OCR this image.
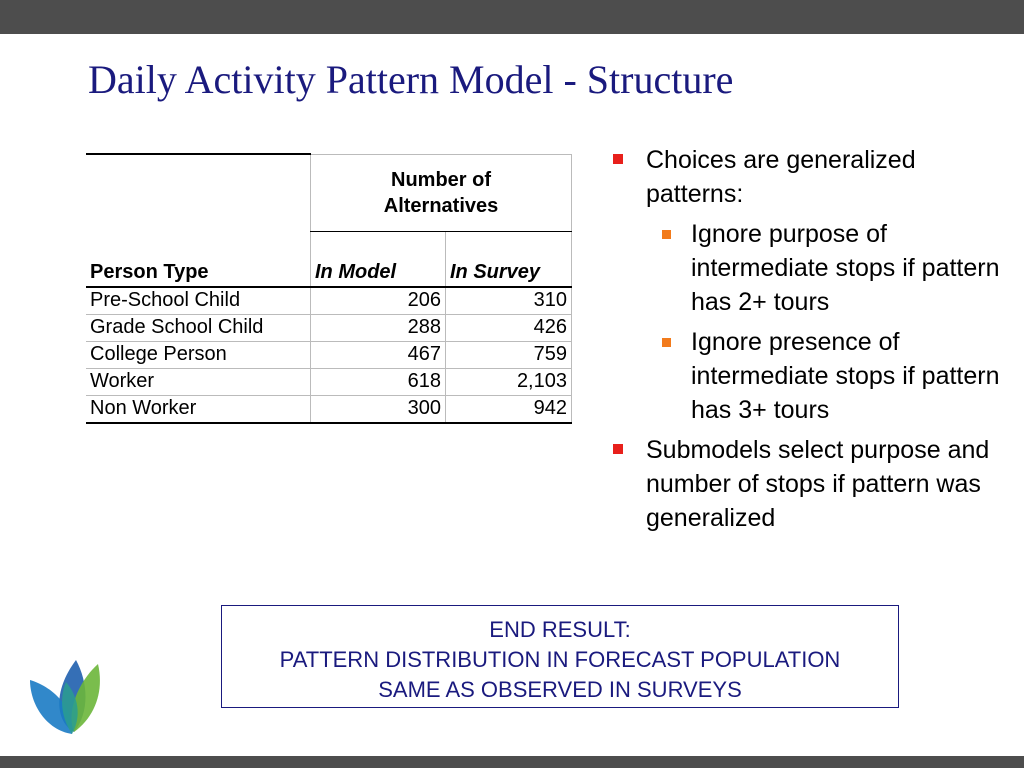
Daily Activity Pattern Model - Structure
Person Type	Number of Alternatives	

	In Model	In Survey
Pre-School Child	206	310
Grade School Child	288	426
College Person	467	759
Worker	618	2,103
Non Worker	300	942
Choices are generalized patterns:
Ignore purpose of intermediate stops if pattern has 2+ tours
Ignore presence of intermediate stops if pattern has 3+ tours
Submodels select purpose and number of stops if pattern was generalized
END RESULT:
PATTERN DISTRIBUTION IN FORECAST POPULATION
SAME AS OBSERVED IN SURVEYS
